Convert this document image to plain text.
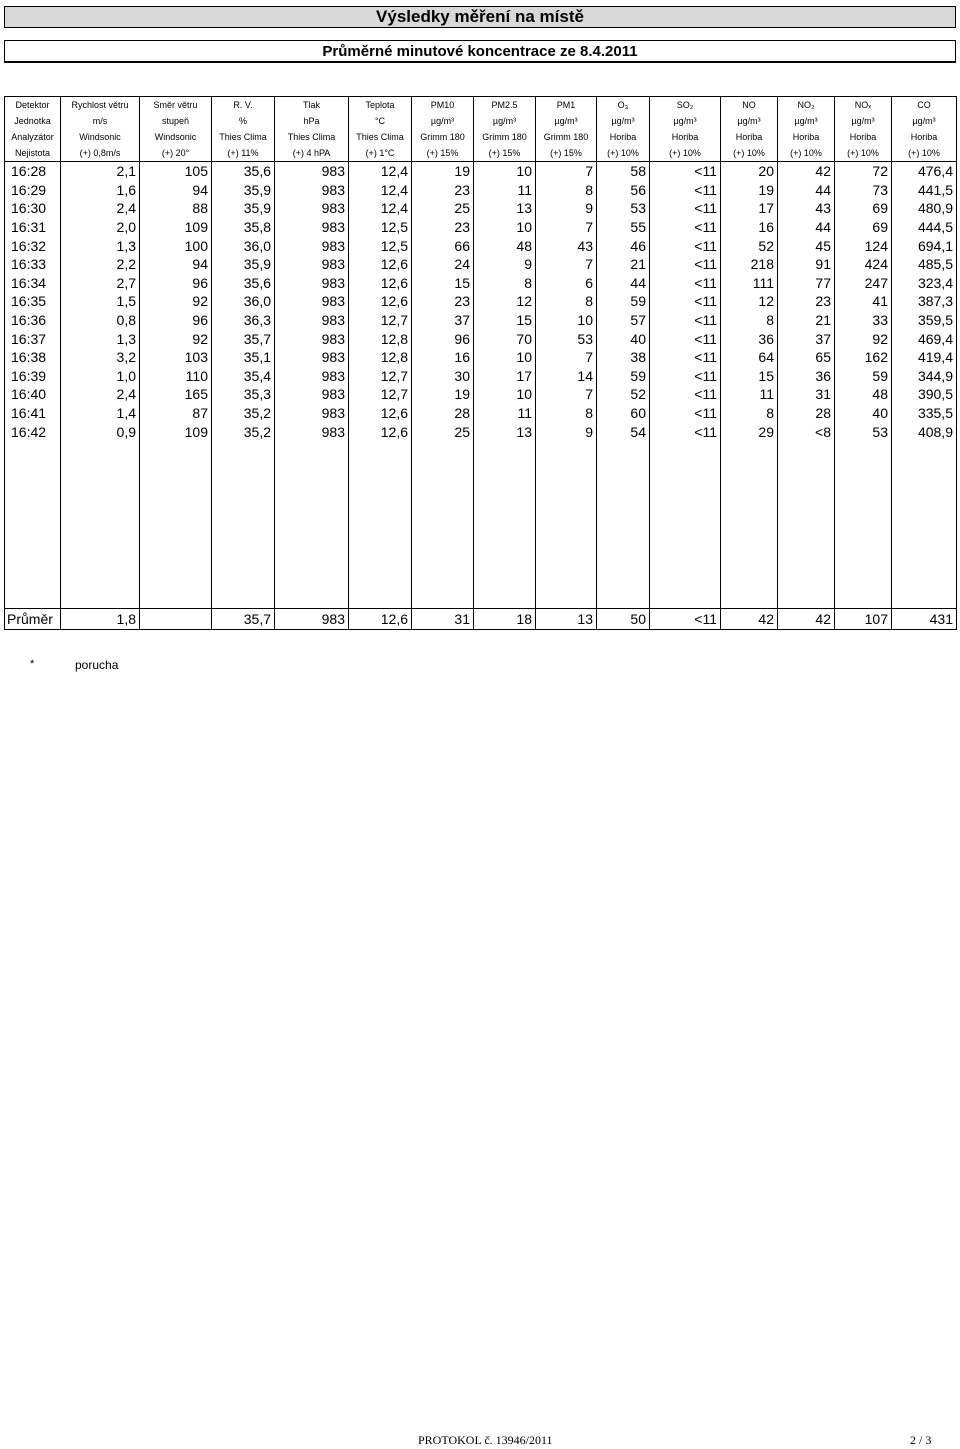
Výsledky měření na místě
Průměrné minutové koncentrace ze 8.4.2011
Detektor	Rychlost větru	Směr větru	R. V.	Tlak	Teplota	PM10	PM2.5	PM1	O₃	SO₂	NO	NO₂	NOₓ	CO
Jednotka	m/s	stupeň	%	hPa	°C	µg/m³	µg/m³	µg/m³	µg/m³	µg/m³	µg/m³	µg/m³	µg/m³	µg/m³
Analyzátor	Windsonic	Windsonic	Thies Clima	Thies Clima	Thies Clima	Grimm 180	Grimm 180	Grimm 180	Horiba	Horiba	Horiba	Horiba	Horiba	Horiba
Nejistota	(+) 0,8m/s	(+) 20°	(+) 11%	(+) 4 hPA	(+) 1°C	(+) 15%	(+) 15%	(+) 15%	(+) 10%	(+) 10%	(+) 10%	(+) 10%	(+) 10%	(+) 10%
16:28	2,1	105	35,6	983	12,4	19	10	7	58	<11	20	42	72	476,4
16:29	1,6	94	35,9	983	12,4	23	11	8	56	<11	19	44	73	441,5
16:30	2,4	88	35,9	983	12,4	25	13	9	53	<11	17	43	69	480,9
16:31	2,0	109	35,8	983	12,5	23	10	7	55	<11	16	44	69	444,5
16:32	1,3	100	36,0	983	12,5	66	48	43	46	<11	52	45	124	694,1
16:33	2,2	94	35,9	983	12,6	24	9	7	21	<11	218	91	424	485,5
16:34	2,7	96	35,6	983	12,6	15	8	6	44	<11	111	77	247	323,4
16:35	1,5	92	36,0	983	12,6	23	12	8	59	<11	12	23	41	387,3
16:36	0,8	96	36,3	983	12,7	37	15	10	57	<11	8	21	33	359,5
16:37	1,3	92	35,7	983	12,8	96	70	53	40	<11	36	37	92	469,4
16:38	3,2	103	35,1	983	12,8	16	10	7	38	<11	64	65	162	419,4
16:39	1,0	110	35,4	983	12,7	30	17	14	59	<11	15	36	59	344,9
16:40	2,4	165	35,3	983	12,7	19	10	7	52	<11	11	31	48	390,5
16:41	1,4	87	35,2	983	12,6	28	11	8	60	<11	8	28	40	335,5
16:42	0,9	109	35,2	983	12,6	25	13	9	54	<11	29	<8	53	408,9

Průměr	1,8		35,7	983	12,6	31	18	13	50	<11	42	42	107	431
*	porucha
PROTOKOL č. 13946/2011	2 / 3
